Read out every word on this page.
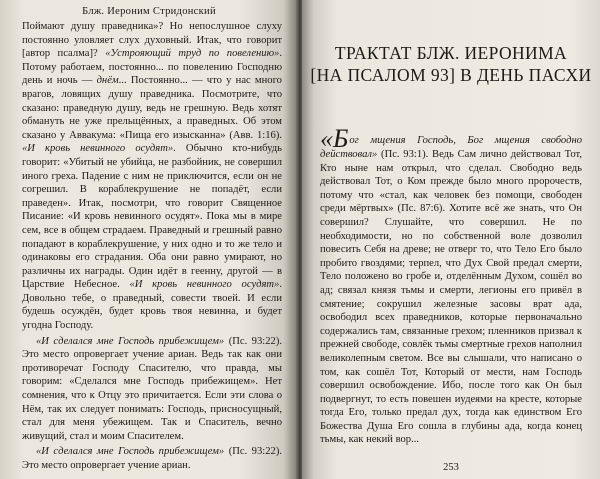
Блж. Иероним Стридонский

Поймают душу праведника»? Но непослушное слуху постоянно уловляет слух духовный. Итак, что говорит [автор псалма]? «Устрояющий труд по повелению». Потому работаем, постоянно... по повелению Господню день и ночь — днём... Постоянно... — что у нас много врагов, ловящих душу праведника. Посмотрите, что сказано: праведную душу, ведь не грешную. Ведь хотят обмануть не уже прельщённых, а праведных. Об этом сказано у Аввакума: «Пища его изысканна» (Авв. 1:16). «И кровь невинного осудят». Обычно кто-нибудь говорит: «Убитый не убийца, не разбойник, не совершил иного греха. Падение с ним не приключится, если он не согрешил. В кораблекрушение не попадёт, если праведен». Итак, посмотри, что говорит Священное Писание: «И кровь невинного осудят». Пока мы в мире сем, все в общем страдаем. Праведный и грешный равно попадают в кораблекрушение, у них одно и то же тело и одинаковы его страдания. Оба они равно умирают, но различны их награды. Один идёт в геенну, другой — в Царствие Небесное. «И кровь невинного осудят». Довольно тебе, о праведный, совести твоей. И если будешь осуждён, будет кровь твоя невинна, и будет угодна Господу.

«И сделался мне Господь прибежищем» (Пс. 93:22). Это место опровергает учение ариан. Ведь так как они противоречат Господу Спасителю, что правда, мы говорим: «Сделался мне Господь прибежищем». Нет сомнения, что к Отцу это причитается. Если эти слова о Нём, так их следует понимать: Господь, присносущный, стал для меня убежищем. Так и Спаситель, вечно живущий, стал и моим Спасителем.

«И сделался мне Господь прибежищем» (Пс. 93:22). Это место опровергает учение ариан.

ТРАКТАТ БЛЖ. ИЕРОНИМА
[НА ПСАЛОМ 93] В ДЕНЬ ПАСХИ

«Бог мщения Господь, Бог мщения свободно действовал» (Пс. 93:1). Ведь Сам лично действовал Тот, Кто ныне нам открыл, что сделал. Свободно ведь действовал Тот, о Ком прежде было много пророчеств, потому что «стал, как человек без помощи, свободен среди мёртвых» (Пс. 87:6). Хотите всё же знать, что Он совершил? Слушайте, что совершил. Не по необходимости, но по собственной воле дозволил повесить Себя на древе; не отверг то, что Тело Его было пробито гвоздями; терпел, что Дух Свой предал смерти, Тело положено во гробе и, отделённым Духом, сошёл во ад; связал князя тьмы и смерти, легионы его привёл в смятение; сокрушил железные засовы врат ада, освободил всех праведников, которые первоначально содержались там, связанные грехом; пленников призвал к прежней свободе, совлёк тьмы смертные грехов наполнил великолепным светом. Все вы слышали, что написано о том, как сошёл Тот, Который от мести, нам Господь совершил освобождение. Ибо, после того как Он был подвергнут, то есть повешен иудеями на кресте, которые тогда Его, только предал дух, тогда как единством Его Божества Душа Его сошла в глубины ада, когда конец тьмы, как некий вор...

253
